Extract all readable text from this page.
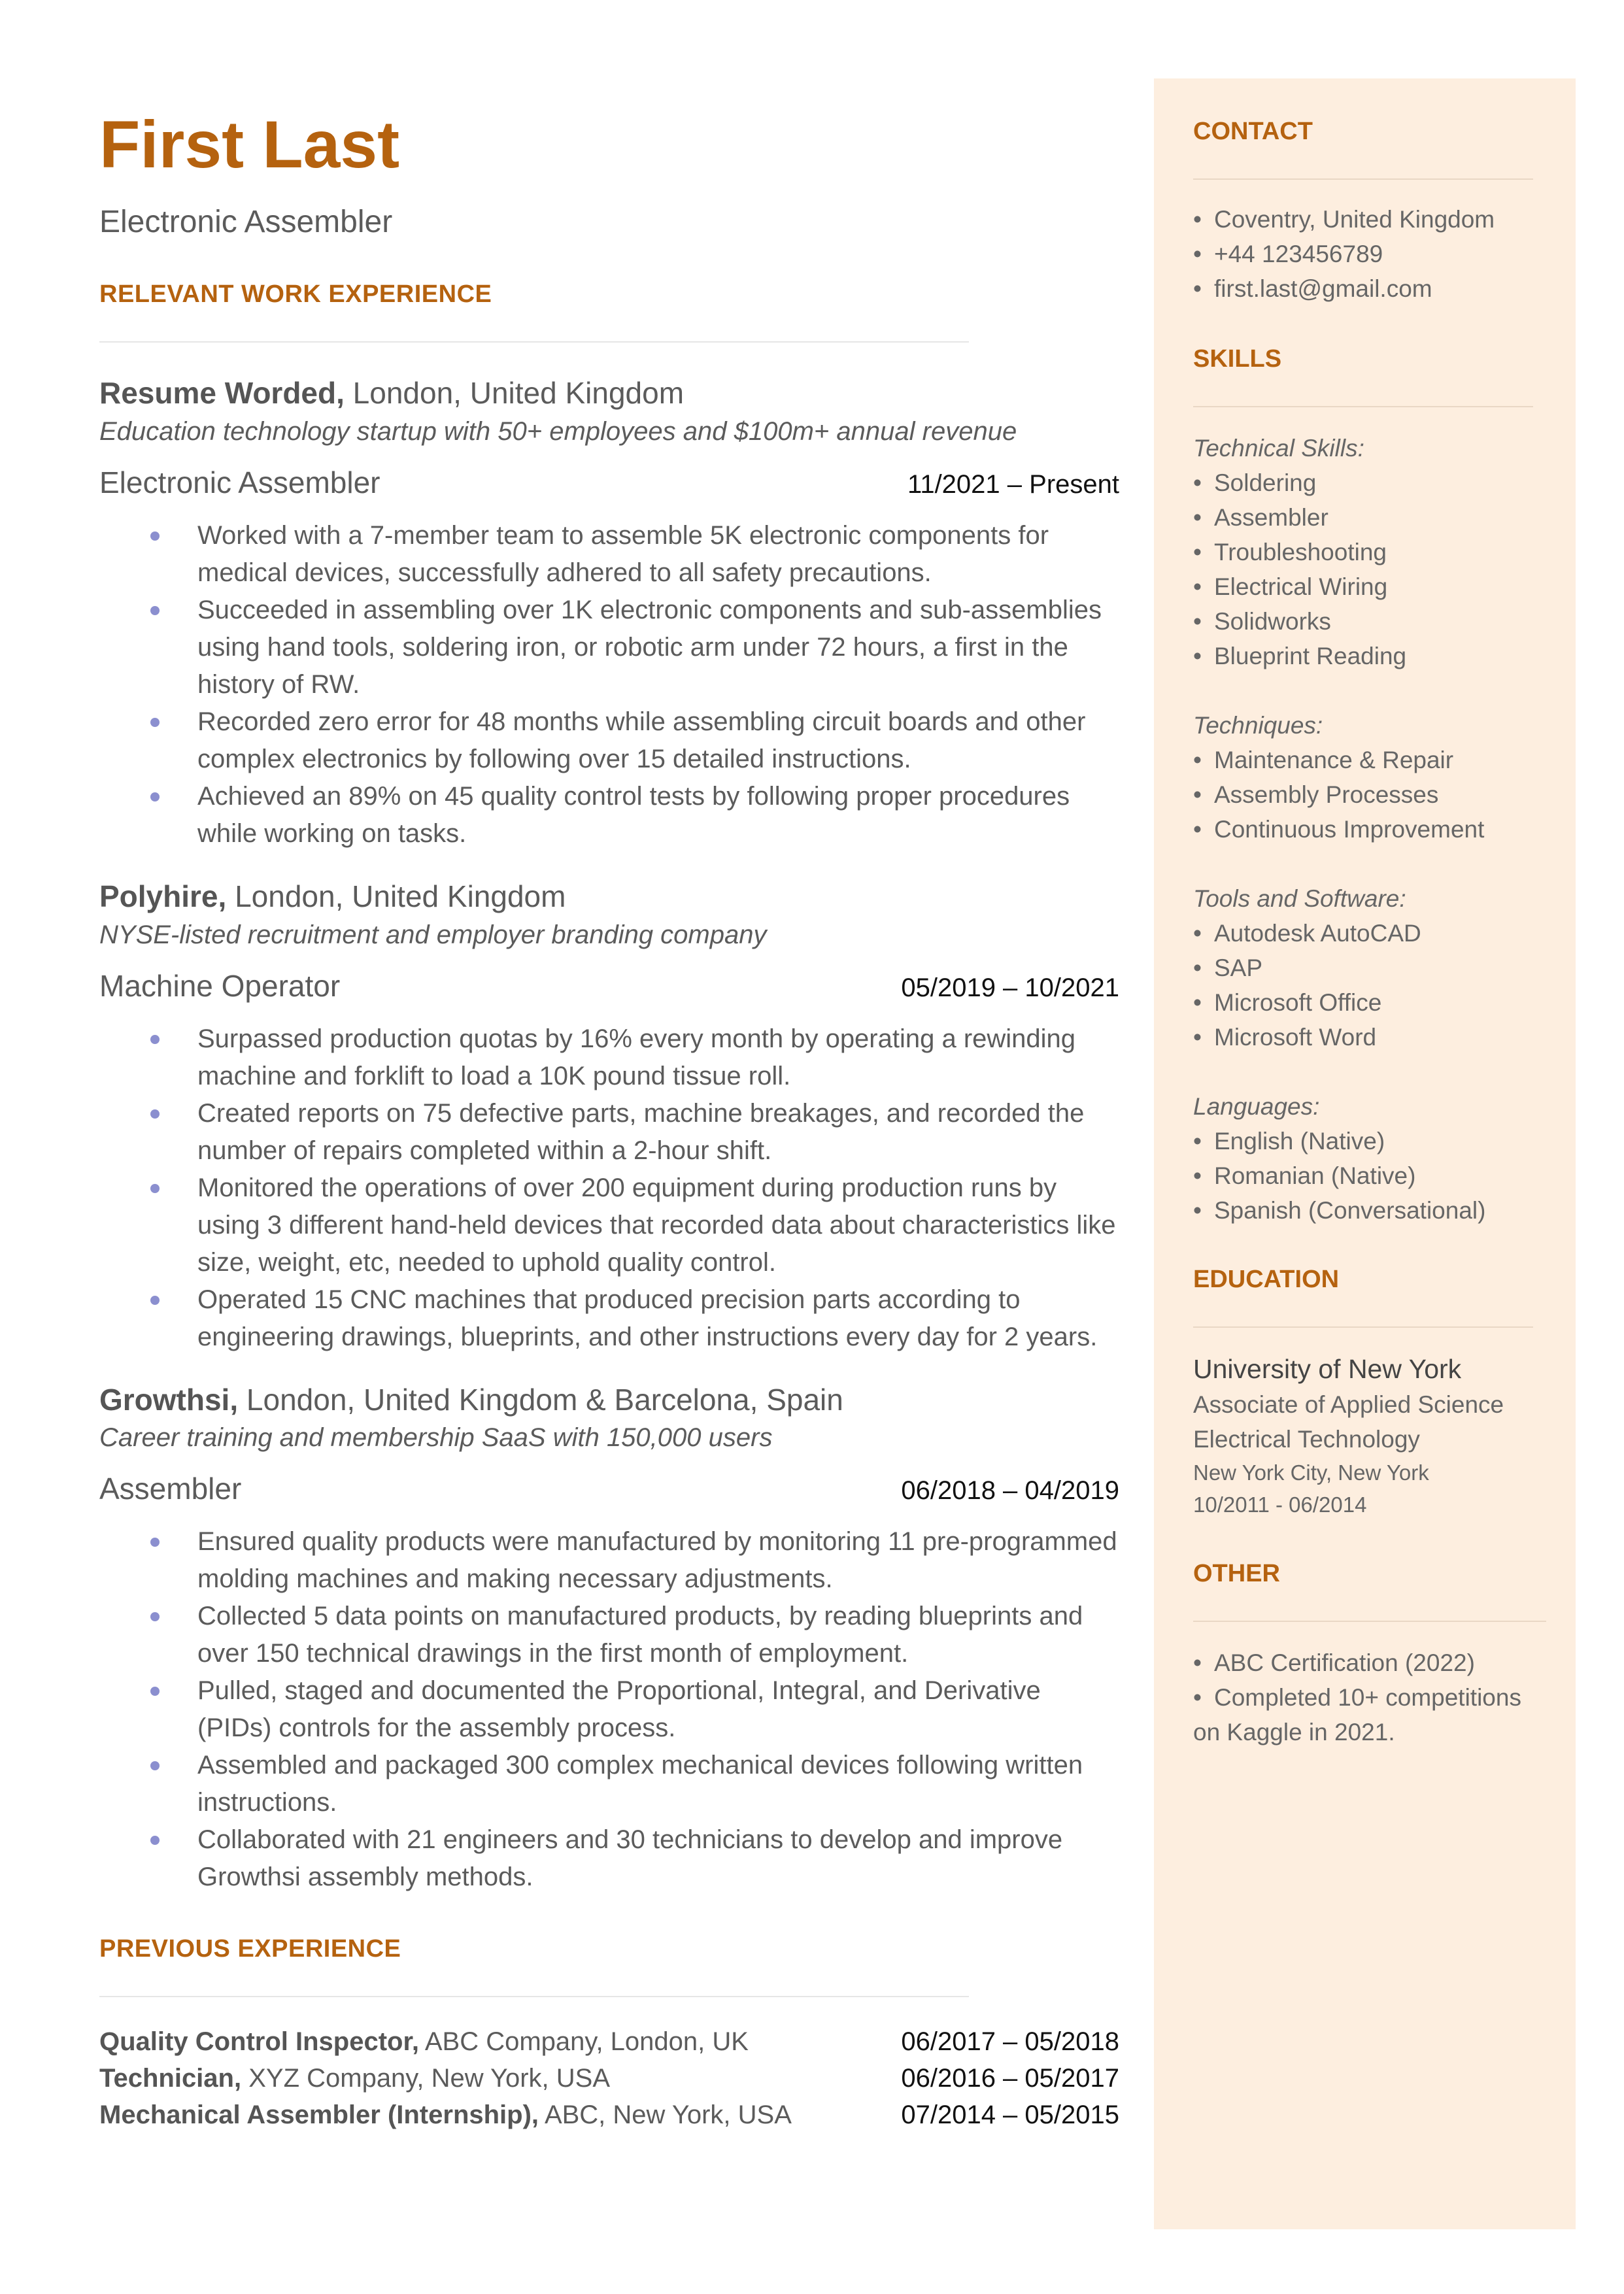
First Last
Electronic Assembler
RELEVANT WORK EXPERIENCE
Resume Worded, London, United Kingdom
Education technology startup with 50+ employees and $100m+ annual revenue
Electronic Assembler	11/2021 – Present
Worked with a 7-member team to assemble 5K electronic components for medical devices, successfully adhered to all safety precautions.
Succeeded in assembling over 1K electronic components and sub-assemblies using hand tools, soldering iron, or robotic arm under 72 hours, a first in the history of RW.
Recorded zero error for 48 months while assembling circuit boards and other complex electronics by following over 15 detailed instructions.
Achieved an 89% on 45 quality control tests by following proper procedures while working on tasks.
Polyhire, London, United Kingdom
NYSE-listed recruitment and employer branding company
Machine Operator	05/2019 – 10/2021
Surpassed production quotas by 16% every month by operating a rewinding machine and forklift to load a 10K pound tissue roll.
Created reports on 75 defective parts, machine breakages, and recorded the number of repairs completed within a 2-hour shift.
Monitored the operations of over 200 equipment during production runs by using 3 different hand-held devices that recorded data about characteristics like size, weight, etc, needed to uphold quality control.
Operated 15 CNC machines that produced precision parts according to engineering drawings, blueprints, and other instructions every day for 2 years.
Growthsi, London, United Kingdom & Barcelona, Spain
Career training and membership SaaS with 150,000 users
Assembler	06/2018 – 04/2019
Ensured quality products were manufactured by monitoring 11 pre-programmed molding machines and making necessary adjustments.
Collected 5 data points on manufactured products, by reading blueprints and over 150 technical drawings in the first month of employment.
Pulled, staged and documented the Proportional, Integral, and Derivative (PIDs) controls for the assembly process.
Assembled and packaged 300 complex mechanical devices following written instructions.
Collaborated with 21 engineers and 30 technicians to develop and improve Growthsi assembly methods.
PREVIOUS EXPERIENCE
Quality Control Inspector, ABC Company, London, UK	06/2017 – 05/2018
Technician, XYZ Company, New York, USA	06/2016 – 05/2017
Mechanical Assembler (Internship), ABC, New York, USA	07/2014 – 05/2015
CONTACT
• Coventry, United Kingdom
• +44 123456789
• first.last@gmail.com
SKILLS
Technical Skills:
• Soldering
• Assembler
• Troubleshooting
• Electrical Wiring
• Solidworks
• Blueprint Reading
Techniques:
• Maintenance & Repair
• Assembly Processes
• Continuous Improvement
Tools and Software:
• Autodesk AutoCAD
• SAP
• Microsoft Office
• Microsoft Word
Languages:
• English (Native)
• Romanian (Native)
• Spanish (Conversational)
EDUCATION
University of New York
Associate of Applied Science
Electrical Technology
New York City, New York
10/2011 - 06/2014
OTHER
• ABC Certification (2022)
• Completed 10+ competitions on Kaggle in 2021.
